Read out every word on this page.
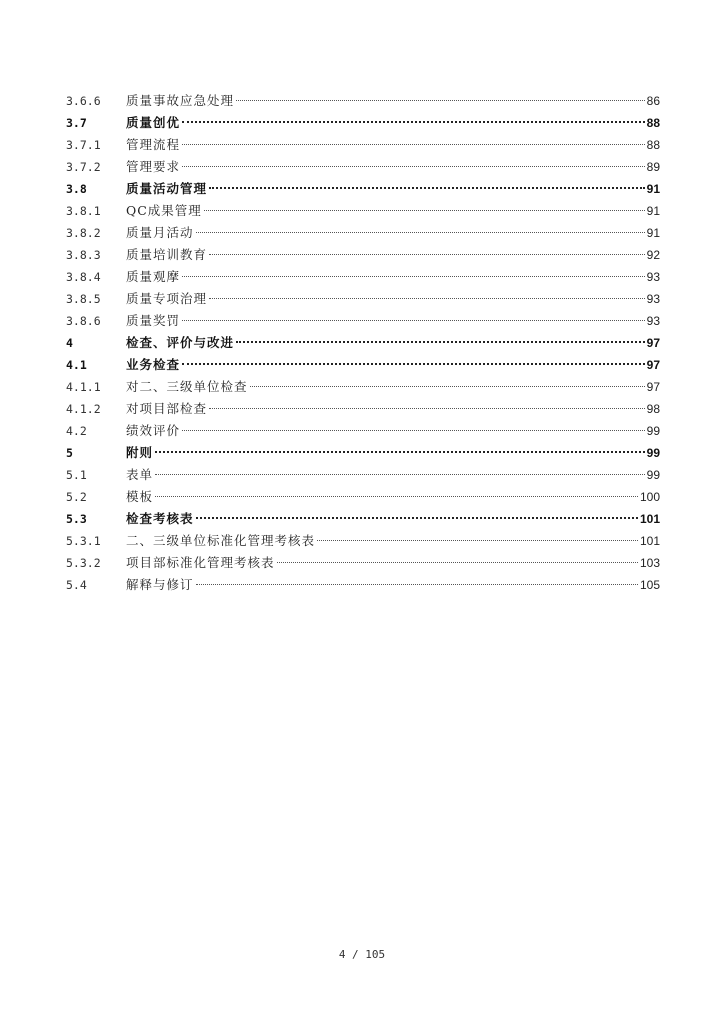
3.6.6	质量事故应急处理	86
3.7	质量创优	88
3.7.1	管理流程	88
3.7.2	管理要求	89
3.8	质量活动管理	91
3.8.1	QC成果管理	91
3.8.2	质量月活动	91
3.8.3	质量培训教育	92
3.8.4	质量观摩	93
3.8.5	质量专项治理	93
3.8.6	质量奖罚	93
4	检查、评价与改进	97
4.1	业务检查	97
4.1.1	对二、三级单位检查	97
4.1.2	对项目部检查	98
4.2	绩效评价	99
5	附则	99
5.1	表单	99
5.2	模板	100
5.3	检查考核表	101
5.3.1	二、三级单位标准化管理考核表	101
5.3.2	项目部标准化管理考核表	103
5.4	解释与修订	105
4 / 105
